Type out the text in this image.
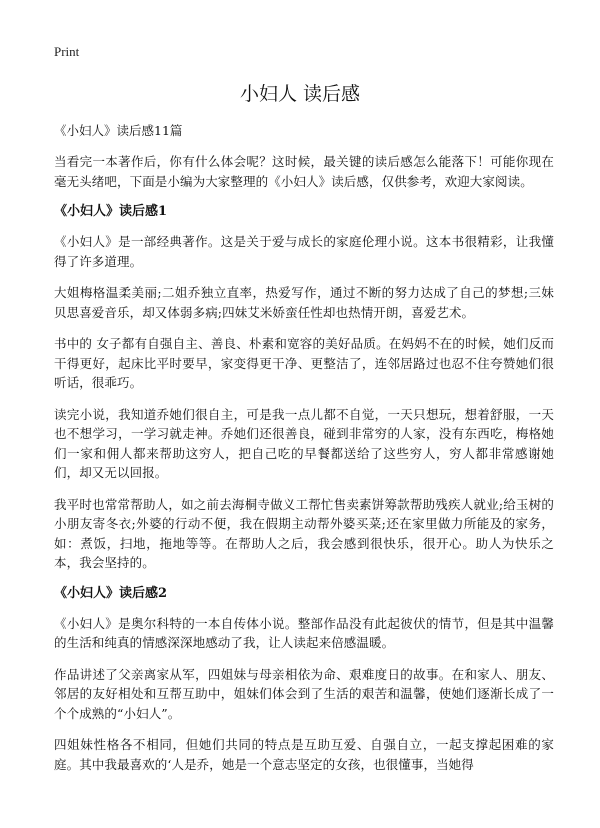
Print
小妇人 读后感
《小妇人》读后感11篇

当看完一本著作后，你有什么体会呢？这时候，最关键的读后感怎么能落下！可能你现在毫无头绪吧，下面是小编为大家整理的《小妇人》读后感，仅供参考，欢迎大家阅读。

《小妇人》读后感1

《小妇人》是一部经典著作。这是关于爱与成长的家庭伦理小说。这本书很精彩，让我懂得了许多道理。

大姐梅格温柔美丽;二姐乔独立直率，热爱写作，通过不断的努力达成了自己的梦想;三妹贝思喜爱音乐，却又体弱多病;四妹艾米娇蛮任性却也热情开朗，喜爱艺术。

书中的 女子都有自强自主、善良、朴素和宽容的美好品质。在妈妈不在的时候，她们反而干得更好，起床比平时要早，家变得更干净、更整洁了，连邻居路过也忍不住夸赞她们很听话，很乖巧。

读完小说，我知道乔她们很自主，可是我一点儿都不自觉，一天只想玩，想着舒服，一天也不想学习，一学习就走神。乔她们还很善良，碰到非常穷的人家，没有东西吃，梅格她们一家和佣人都来帮助这穷人，把自己吃的早餐都送给了这些穷人，穷人都非常感谢她们，却又无以回报。

我平时也常常帮助人，如之前去海桐寺做义工帮忙售卖素饼筹款帮助残疾人就业;给玉树的小朋友寄冬衣;外婆的行动不便，我在假期主动帮外婆买菜;还在家里做力所能及的家务，如：煮饭，扫地，拖地等等。在帮助人之后，我会感到很快乐，很开心。助人为快乐之本，我会坚持的。

《小妇人》读后感2

《小妇人》是奥尔科特的一本自传体小说。整部作品没有此起彼伏的情节，但是其中温馨的生活和纯真的情感深深地感动了我，让人读起来倍感温暖。

作品讲述了父亲离家从军，四姐妹与母亲相依为命、艰难度日的故事。在和家人、朋友、邻居的友好相处和互帮互助中，姐妹们体会到了生活的艰苦和温馨，使她们逐渐长成了一个个成熟的“小妇人”。

四姐妹性格各不相同，但她们共同的特点是互助互爱、自强自立，一起支撑起困难的家庭。其中我最喜欢的‘人是乔，她是一个意志坚定的女孩，也很懂事，当她得
